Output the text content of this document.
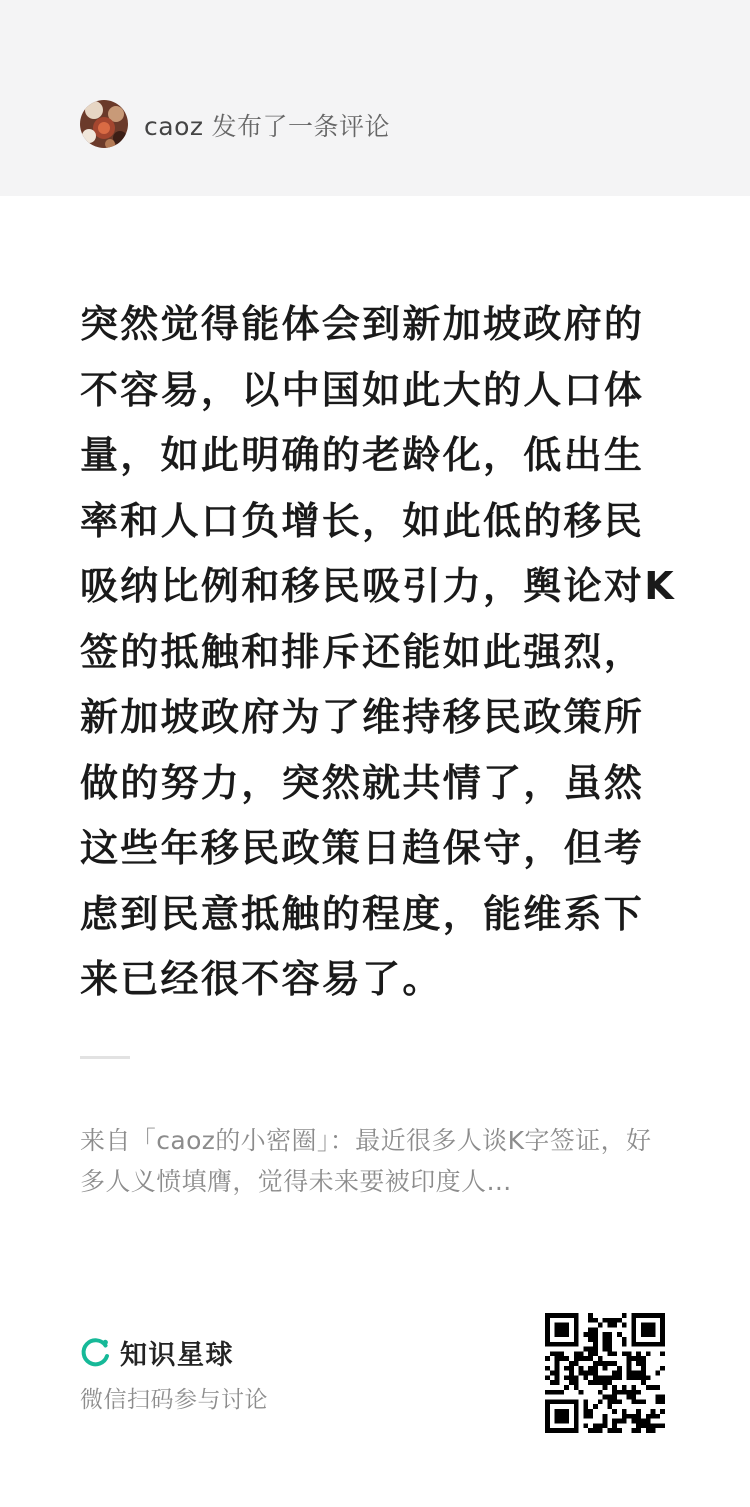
caoz 发布了一条评论

突然觉得能体会到新加坡政府的不容易，以中国如此大的人口体量，如此明确的老龄化，低出生率和人口负增长，如此低的移民吸纳比例和移民吸引力，舆论对K签的抵触和排斥还能如此强烈，新加坡政府为了维持移民政策所做的努力，突然就共情了，虽然这些年移民政策日趋保守，但考虑到民意抵触的程度，能维系下来已经很不容易了。

来自「caoz的小密圈」：最近很多人谈K字签证，好多人义愤填膺，觉得未来要被印度人…

知识星球
微信扫码参与讨论
